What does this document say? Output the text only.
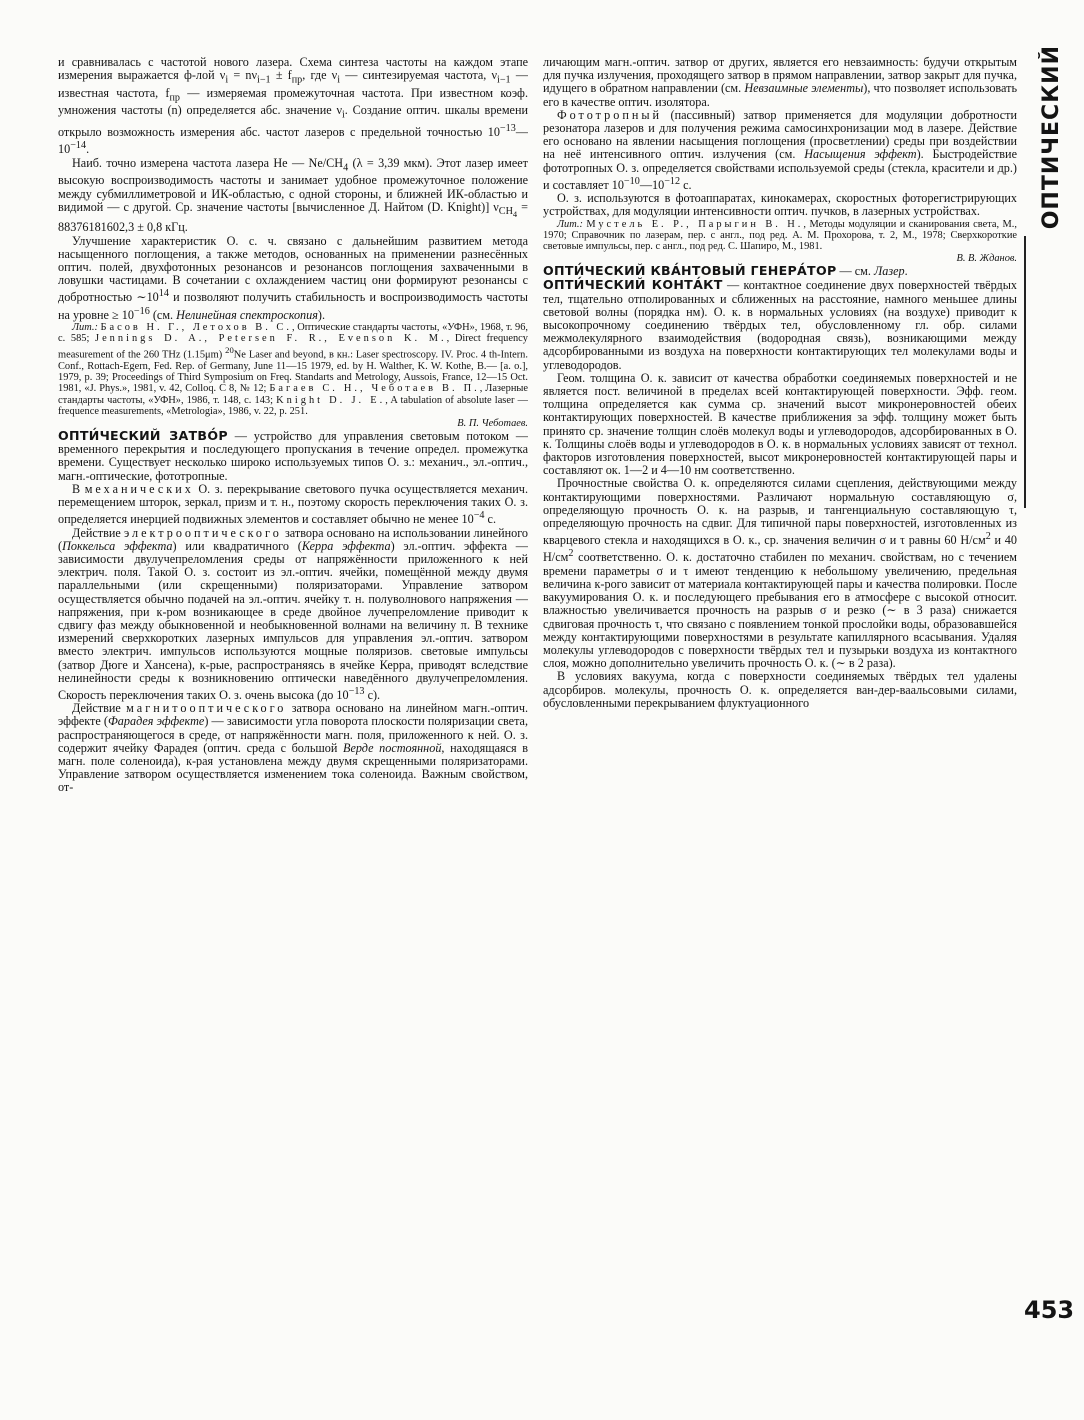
ОПТИЧЕСКИЙ
453

и сравнивалась с частотой нового лазера. Схема синтеза частоты на каждом этапе измерения выражается ф-лой $\nu_i = n\nu_{i-1} \pm f_{пр}$, где $\nu_i$ — синтезируемая частота, $\nu_{i-1}$ — известная частота, $f_{пр}$ — измеряемая промежуточная частота. При известном коэф. умножения частоты (n) определяется абс. значение $\nu_i$. Создание оптич. шкалы времени открыло возможность измерения абс. частот лазеров с предельной точностью $10^{-13}—10^{-14}$.

Наиб. точно измерена частота лазера He — $Ne/CH_4$ (λ = 3,39 мкм). Этот лазер имеет высокую воспроизводимость частоты и занимает удобное промежуточное положение между субмиллиметровой и ИК-областью, с одной стороны, и ближней ИК-областью и видимой — с другой. Ср. значение частоты [вычисленное Д. Найтом (D. Knight)] $\nu_{CH_4} = 88376181602,3 \pm 0,8$ кГц.

Улучшение характеристик О. с. ч. связано с дальнейшим развитием метода насыщенного поглощения, а также методов, основанных на применении разнесённых оптич. полей, двухфотонных резонансов и резонансов поглощения захваченными в ловушки частицами. В сочетании с охлаждением частиц они формируют резонансы с добротностью $\sim 10^{14}$ и позволяют получить стабильность и воспроизводимость частоты на уровне ≥ $10^{-16}$ (см. Нелинейная спектроскопия).

Лит.: Басов Н. Г., Летохов В. С., Оптические стандарты частоты, «УФН», 1968, т. 96, с. 585; Jennings D. A., Petersen F. R., Evenson K. M., Direct frequency measurement of the 260 THz (1.15μm) $^{20}$Ne Laser and beyond, в кн.: Laser spectroscopy. IV. Proc. 4 th-Intern. Conf., Rottach-Egern, Fed. Rep. of Germany, June 11—15 1979, ed. by H. Walther, K. W. Kothe, B.— [a. o.], 1979, p. 39; Proceedings of Third Symposium on Freq. Standarts and Metrology, Aussois, France, 12—15 Oct. 1981, «J. Phys.», 1981, v. 42, Colloq. C 8, № 12; Багаев С. Н., Чеботаев В. П., Лазерные стандарты частоты, «УФН», 1986, т. 148, с. 143; Knight D. J. E., A tabulation of absolute laser — frequence measurements, «Metrologia», 1986, v. 22, p. 251.

В. П. Чеботаев.

ОПТИ́ЧЕСКИЙ ЗАТВО́Р — устройство для управления световым потоком — временного перекрытия и последующего пропускания в течение определ. промежутка времени. Существует несколько широко используемых типов О. з.: механич., эл.-оптич., магн.-оптические, фототропные.

В механических О. з. перекрывание светового пучка осуществляется механич. перемещением шторок, зеркал, призм и т. н., поэтому скорость переключения таких О. з. определяется инерцией подвижных элементов и составляет обычно не менее $10^{-4}$ с.

Действие электрооптического затвора основано на использовании линейного (Поккельса эффекта) или квадратичного (Керра эффекта) эл.-оптич. эффекта — зависимости двулучепреломления среды от напряжённости приложенного к ней электрич. поля. Такой О. з. состоит из эл.-оптич. ячейки, помещённой между двумя параллельными (или скрещенными) поляризаторами. Управление затвором осуществляется обычно подачей на эл.-оптич. ячейку т. н. полуволнового напряжения — напряжения, при к-ром возникающее в среде двойное лучепреломление приводит к сдвигу фаз между обыкновенной и необыкновенной волнами на величину π. В технике измерений сверхкоротких лазерных импульсов для управления эл.-оптич. затвором вместо электрич. импульсов используются мощные поляризов. световые импульсы (затвор Дюге и Хансена), к-рые, распространяясь в ячейке Керра, приводят вследствие нелинейности среды к возникновению оптически наведённого двулучепреломления. Скорость переключения таких О. з. очень высока (до $10^{-13}$ с).

Действие магнитооптического затвора основано на линейном магн.-оптич. эффекте (Фарадея эффекте) — зависимости угла поворота плоскости поляризации света, распространяющегося в среде, от напряжённости магн. поля, приложенного к ней. О. з. содержит ячейку Фарадея (оптич. среда с большой Верде постоянной, находящаяся в магн. поле соленоида), к-рая установлена между двумя скрещенными поляризаторами. Управление затвором осуществляется изменением тока соленоида. Важным свойством, от-

личающим магн.-оптич. затвор от других, является его невзаимность: будучи открытым для пучка излучения, проходящего затвор в прямом направлении, затвор закрыт для пучка, идущего в обратном направлении (см. Невзаимные элементы), что позволяет использовать его в качестве оптич. изолятора.

Фототропный (пассивный) затвор применяется для модуляции добротности резонатора лазеров и для получения режима самосинхронизации мод в лазере. Действие его основано на явлении насыщения поглощения (просветлении) среды при воздействии на неё интенсивного оптич. излучения (см. Насыщения эффект). Быстродействие фототропных О. з. определяется свойствами используемой среды (стекла, красители и др.) и составляет $10^{-10}—10^{-12}$ с.

О. з. используются в фотоаппаратах, кинокамерах, скоростных фоторегистрирующих устройствах, для модуляции интенсивности оптич. пучков, в лазерных устройствах.

Лит.: Мустель Е. Р., Парыгин В. Н., Методы модуляции и сканирования света, М., 1970; Справочник по лазерам, пер. с англ., под ред. А. М. Прохорова, т. 2, М., 1978; Сверхкороткие световые импульсы, пер. с англ., под ред. С. Шапиро, М., 1981.

В. В. Жданов.

ОПТИ́ЧЕСКИЙ КВА́НТОВЫЙ ГЕНЕРА́ТОР — см. Лазер.

ОПТИ́ЧЕСКИЙ КОНТА́КТ — контактное соединение двух поверхностей твёрдых тел, тщательно отполированных и сближенных на расстояние, намного меньшее длины световой волны (порядка нм). О. к. в нормальных условиях (на воздухе) приводит к высокопрочному соединению твёрдых тел, обусловленному гл. обр. силами межмолекулярного взаимодействия (водородная связь), возникающими между адсорбированными из воздуха на поверхности контактирующих тел молекулами воды и углеводородов.

Геом. толщина О. к. зависит от качества обработки соединяемых поверхностей и не является пост. величиной в пределах всей контактирующей поверхности. Эфф. геом. толщина определяется как сумма ср. значений высот микронеровностей обеих контактирующих поверхностей. В качестве приближения за эфф. толщину может быть принято ср. значение толщин слоёв молекул воды и углеводородов, адсорбированных в О. к. Толщины слоёв воды и углеводородов в О. к. в нормальных условиях зависят от технол. факторов изготовления поверхностей, высот микронеровностей контактирующей пары и составляют ок. 1—2 и 4—10 нм соответственно.

Прочностные свойства О. к. определяются силами сцепления, действующими между контактирующими поверхностями. Различают нормальную составляющую σ, определяющую прочность О. к. на разрыв, и тангенциальную составляющую τ, определяющую прочность на сдвиг. Для типичной пары поверхностей, изготовленных из кварцевого стекла и находящихся в О. к., ср. значения величин σ и τ равны 60 $Н/см^2$ и 40 $Н/см^2$ соответственно. О. к. достаточно стабилен по механич. свойствам, но с течением времени параметры σ и τ имеют тенденцию к небольшому увеличению, предельная величина к-рого зависит от материала контактирующей пары и качества полировки. После вакуумирования О. к. и последующего пребывания его в атмосфере с высокой относит. влажностью увеличивается прочность на разрыв σ и резко (∼ в 3 раза) снижается сдвиговая прочность τ, что связано с появлением тонкой прослойки воды, образовавшейся между контактирующими поверхностями в результате капиллярного всасывания. Удаляя молекулы углеводородов с поверхности твёрдых тел и пузырьки воздуха из контактного слоя, можно дополнительно увеличить прочность О. к. (∼ в 2 раза).

В условиях вакуума, когда с поверхности соединяемых твёрдых тел удалены адсорбиров. молекулы, прочность О. к. определяется ван-дер-ваальсовыми силами, обусловленными перекрыванием флуктуационного
